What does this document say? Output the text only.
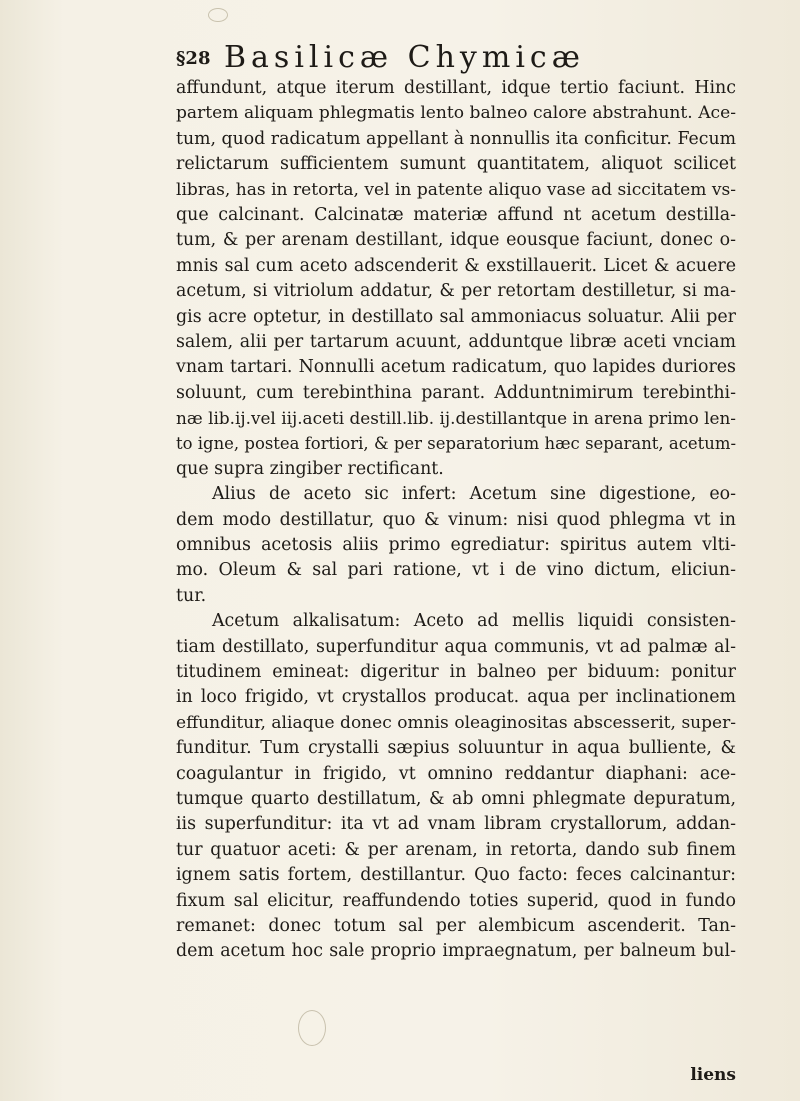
§28 Basilicæ Chymicæ
affundunt, atque iterum destillant, idque tertio faciunt. Hinc
partem aliquam phlegmatis lento balneo calore abstrahunt. Ace-
tum, quod radicatum appellant à nonnullis ita conficitur. Fecum
relictarum sufficientem sumunt quantitatem, aliquot scilicet
libras, has in retorta, vel in patente aliquo vase ad siccitatem vs-
que calcinant. Calcinatæ materiæ affund nt acetum destilla-
tum, & per arenam destillant, idque eousque faciunt, donec o-
mnis sal cum aceto adscenderit & exstillauerit. Licet & acuere
acetum, si vitriolum addatur, & per retortam destilletur, si ma-
gis acre optetur, in destillato sal ammoniacus soluatur. Alii per
salem, alii per tartarum acuunt, adduntque libræ aceti vnciam
vnam tartari. Nonnulli acetum radicatum, quo lapides duriores
soluunt, cum terebinthina parant. Adduntnimirum terebinthi-
næ lib.ij.vel iij.aceti destill.lib. ij.destillantque in arena primo len-
to igne, postea fortiori, & per separatorium hæc separant, acetum-
que supra zingiber rectificant.
Alius de aceto sic infert: Acetum sine digestione, eo-
dem modo destillatur, quo & vinum: nisi quod phlegma vt in
omnibus acetosis aliis primo egrediatur: spiritus autem vlti-
mo. Oleum & sal pari ratione, vt i de vino dictum, eliciun-
tur.
Acetum alkalisatum: Aceto ad mellis liquidi consisten-
tiam destillato, superfunditur aqua communis, vt ad palmæ al-
titudinem emineat: digeritur in balneo per biduum: ponitur
in loco frigido, vt crystallos producat. aqua per inclinationem
effunditur, aliaque donec omnis oleaginositas abscesserit, super-
funditur. Tum crystalli sæpius soluuntur in aqua bulliente, &
coagulantur in frigido, vt omnino reddantur diaphani: ace-
tumque quarto destillatum, & ab omni phlegmate depuratum,
iis superfunditur: ita vt ad vnam libram crystallorum, addan-
tur quatuor aceti: & per arenam, in retorta, dando sub finem
ignem satis fortem, destillantur. Quo facto: feces calcinantur:
fixum sal elicitur, reaffundendo toties superid, quod in fundo
remanet: donec totum sal per alembicum ascenderit. Tan-
dem acetum hoc sale proprio impraegnatum, per balneum bul-
liens
